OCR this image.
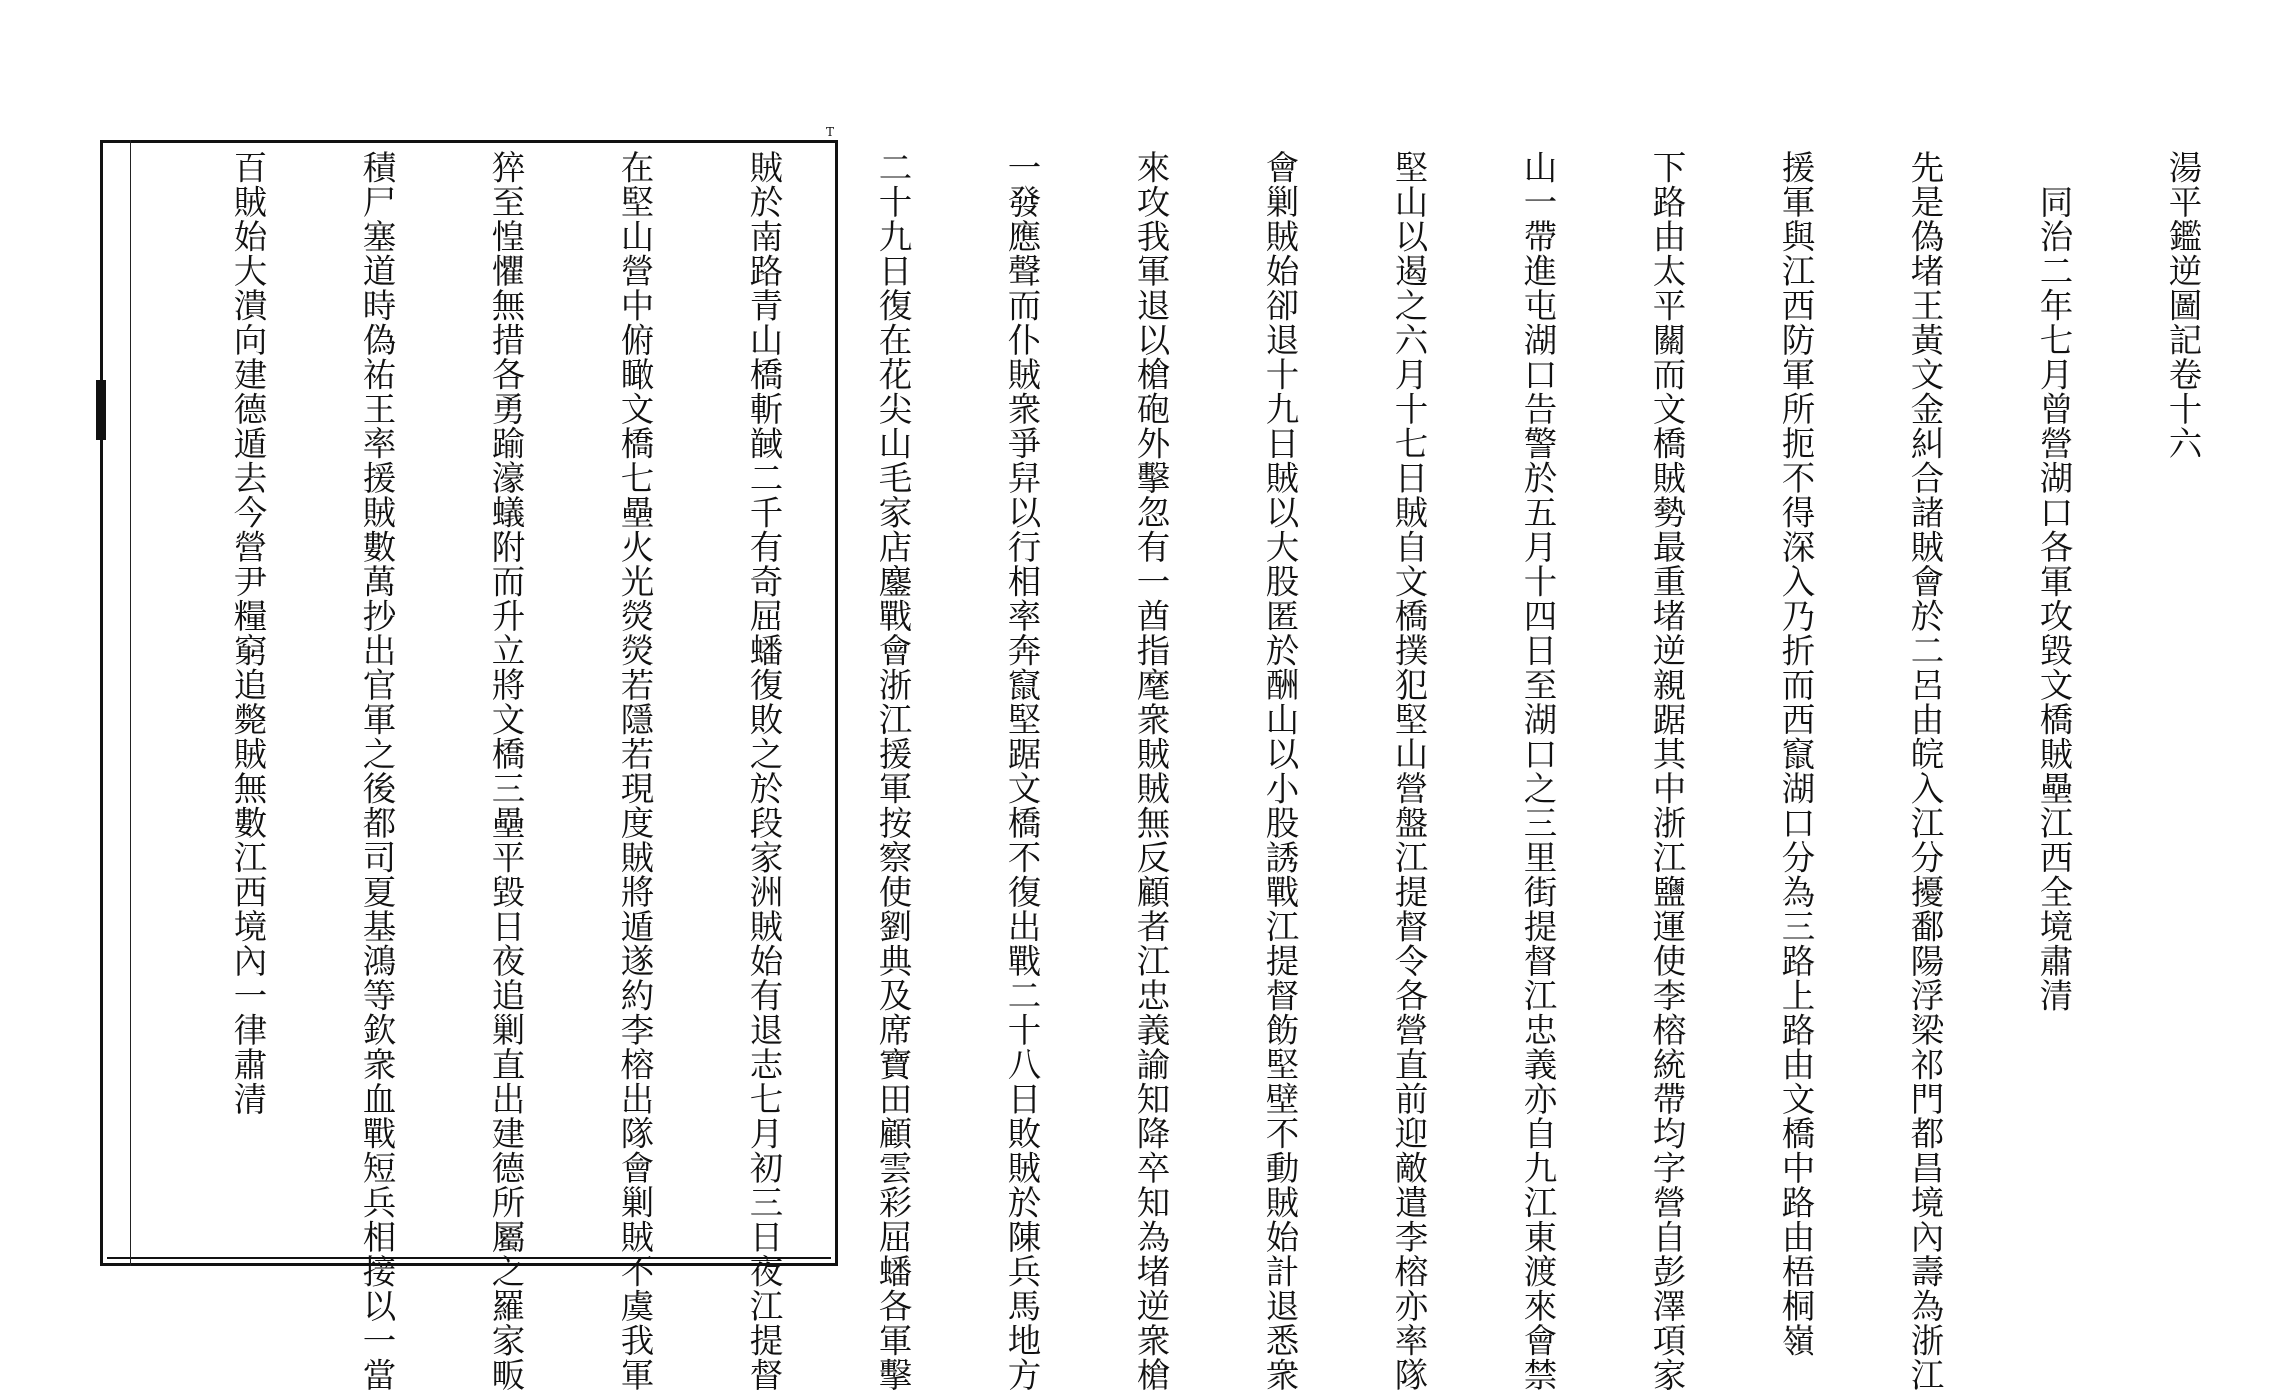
T

湯平鑑逆圖記卷十六

　同治二年七月曾營湖口各軍攻毀文橋賊壘江西全境肅清

先是偽堵王黃文金糾合諸賊會於二呂由皖入江分擾鄱陽浮梁祁門都昌境內壽為浙江

援軍與江西防軍所扼不得深入乃折而西竄湖口分為三路上路由文橋中路由梧桐嶺

下路由太平關而文橋賊勢最重堵逆親踞其中浙江鹽運使李榕統帶均字營自彭澤項家

山一帶進屯湖口告警於五月十四日至湖口之三里街提督江忠義亦自九江東渡來會禁

堅山以遏之六月十七日賊自文橋撲犯堅山營盤江提督令各營直前迎敵遣李榕亦率隊

會剿賊始卻退十九日賊以大股匿於酬山以小股誘戰江提督飭堅壁不動賊始計退悉衆

來攻我軍退以槍砲外擊忽有一酋指麾衆賊賊無反顧者江忠義諭知降卒知為堵逆衆槍

一發應聲而仆賊衆爭舁以行相率奔竄堅踞文橋不復出戰二十八日敗賊於陳兵馬地方

二十九日復在花尖山毛家店鏖戰會浙江援軍按察使劉典及席寶田顧雲彩屈蟠各軍擊

賊於南路青山橋斬馘二千有奇屈蟠復敗之於段家洲賊始有退志七月初三日夜江提督

在堅山營中俯瞰文橋七壘火光熒熒若隱若現度賊將遁遂約李榕出隊會剿賊不虞我軍

猝至惶懼無措各勇踰濠蟻附而升立將文橋三壘平毀日夜追剿直出建德所屬之羅家畈

積尸塞道時偽祐王率援賊數萬抄出官軍之後都司夏基鴻等欽衆血戰短兵相接以一當

百賊始大潰向建德遁去今營尹糧窮追斃賊無數江西境內一律肅清
